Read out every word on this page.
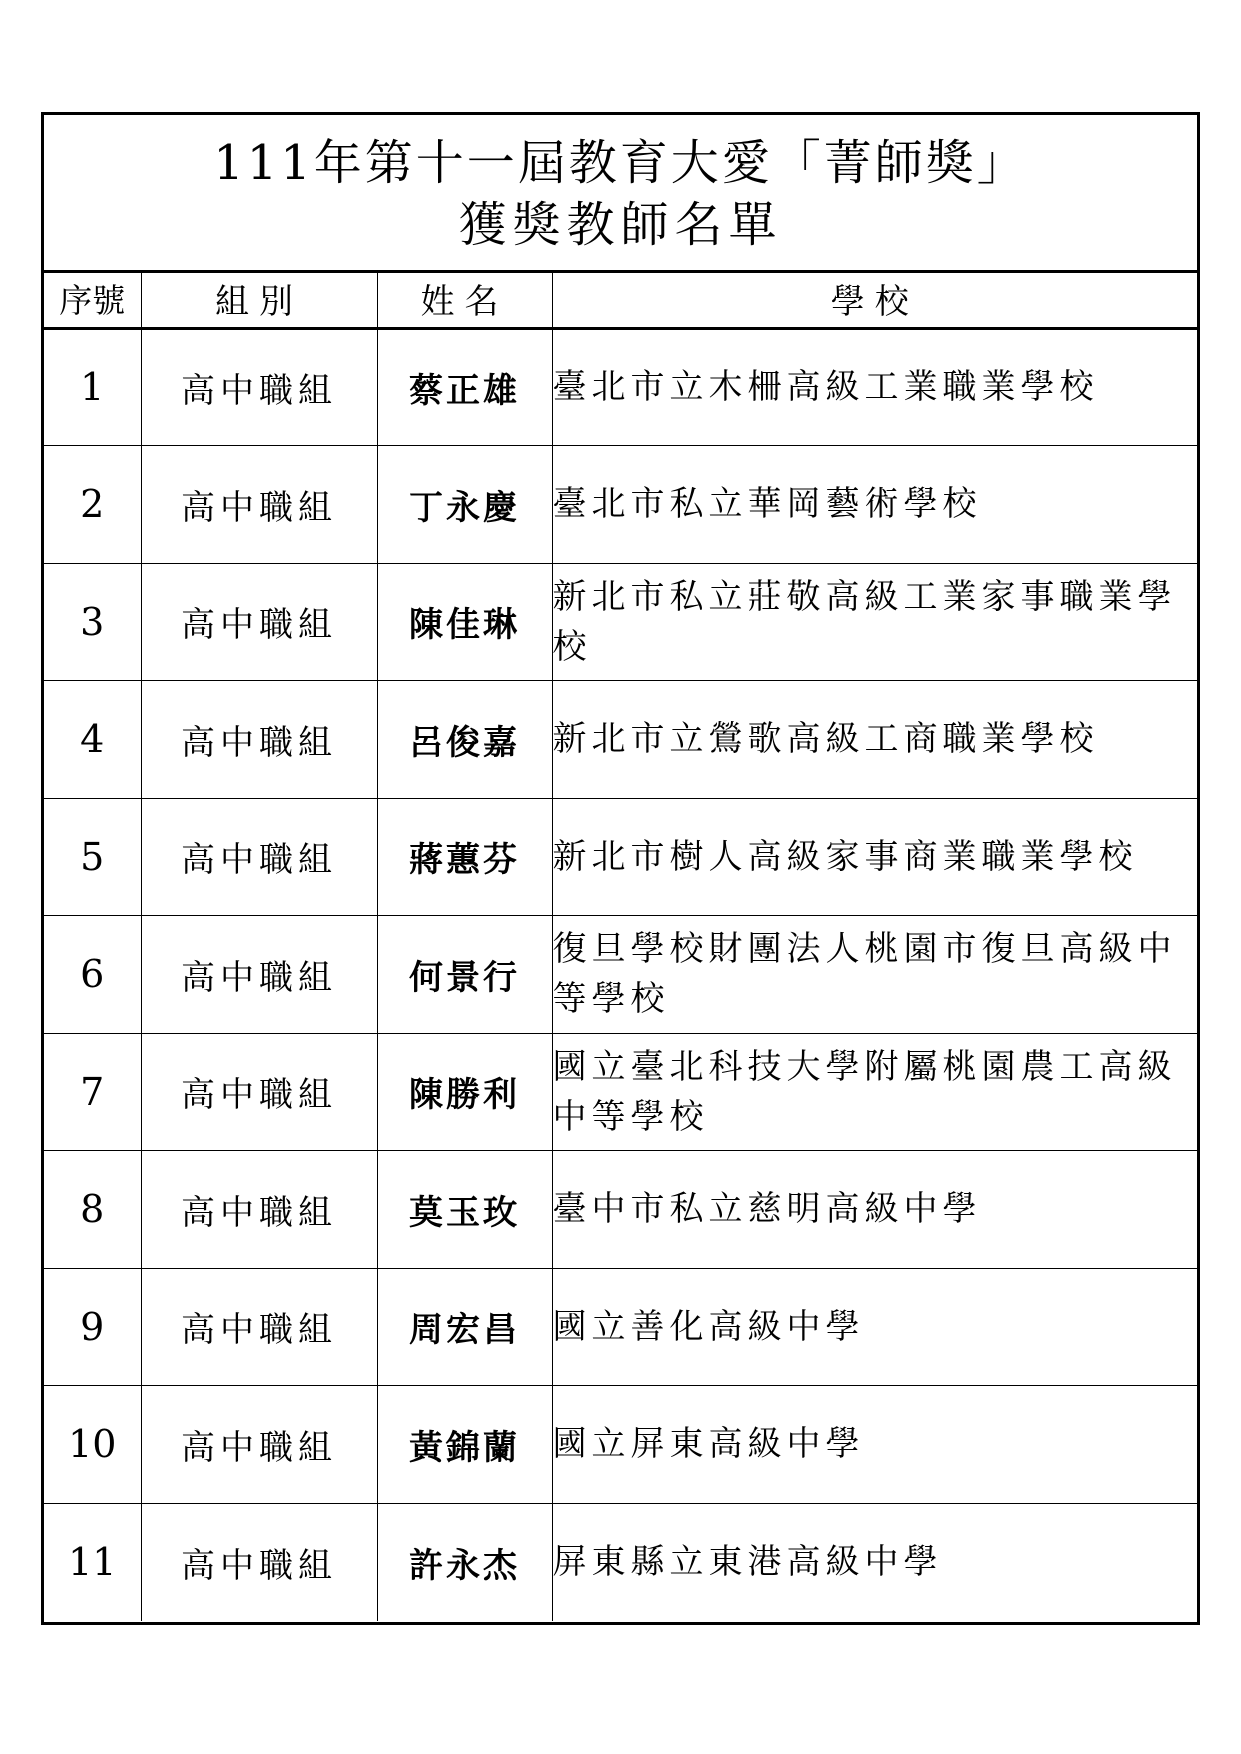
111年第十一屆教育大愛「菁師獎」
獲獎教師名單
序號	組別	姓名	學校
1	高中職組	蔡正雄	臺北市立木柵高級工業職業學校
2	高中職組	丁永慶	臺北市私立華岡藝術學校
3	高中職組	陳佳琳	新北市私立莊敬高級工業家事職業學校
4	高中職組	呂俊嘉	新北市立鶯歌高級工商職業學校
5	高中職組	蔣蕙芬	新北市樹人高級家事商業職業學校
6	高中職組	何景行	復旦學校財團法人桃園市復旦高級中等學校
7	高中職組	陳勝利	國立臺北科技大學附屬桃園農工高級中等學校
8	高中職組	莫玉玫	臺中市私立慈明高級中學
9	高中職組	周宏昌	國立善化高級中學
10	高中職組	黃錦蘭	國立屏東高級中學
11	高中職組	許永杰	屏東縣立東港高級中學
